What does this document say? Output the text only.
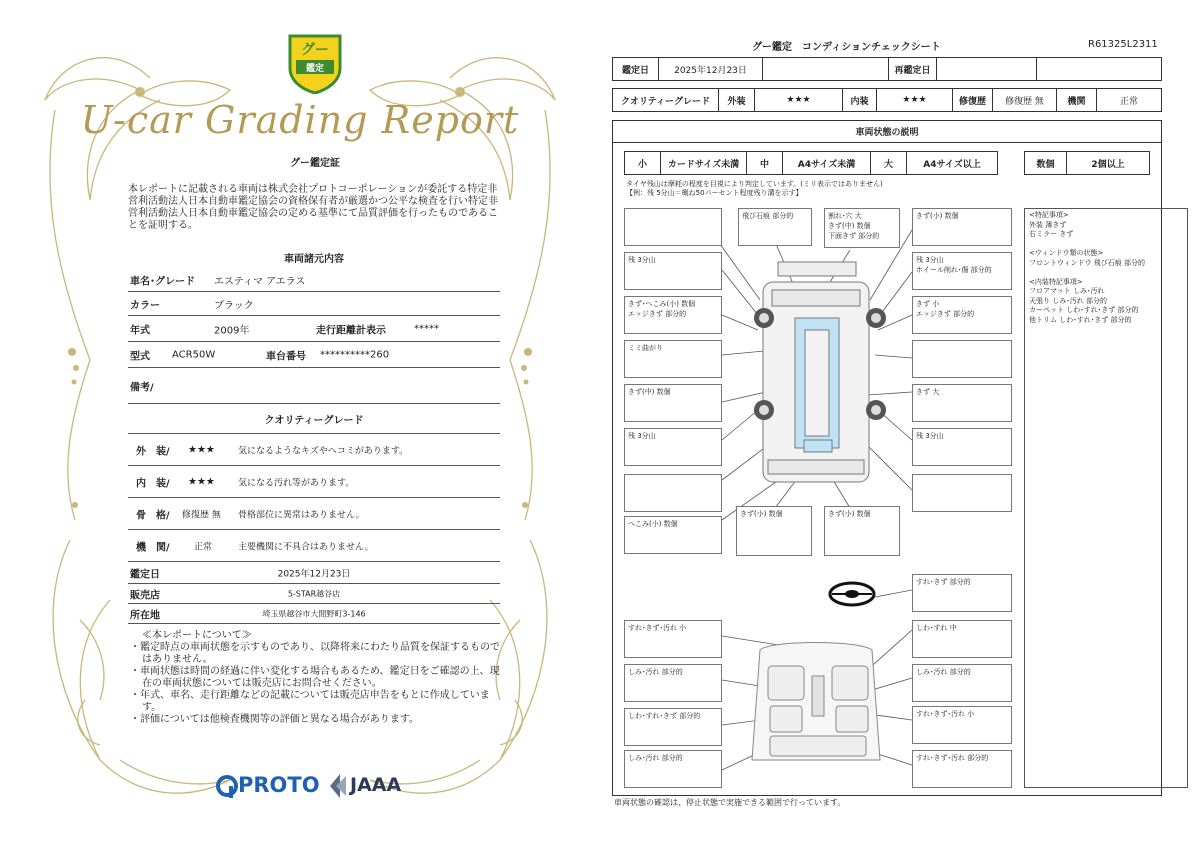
グー
鑑定
U-car Grading Report
グー鑑定証
本レポートに記載される車両は株式会社プロトコーポレーションが委託する特定非営利活動法人日本自動車鑑定協会の資格保有者が厳選かつ公平な検査を行い特定非営利活動法人日本自動車鑑定協会の定める基準にて品質評価を行ったものであることを証明する。
車両諸元内容
車名･グレード エスティマ アエラス
カラー	ブラック
年式	2009年	走行距離計表示	*****
型式 ACR50W	車台番号 **********260
備考/
クオリティーグレード
外　装/ ★★★	気になるようなキズやヘコミがあります。
内　装/ ★★★	気になる汚れ等があります。
骨　格/ 修復歴 無 骨格部位に異常はありません。
機　関/	正常	主要機関に不具合はありません。
鑑定日	2025年12月23日
販売店	5-STAR越谷店
所在地	埼玉県越谷市大間野町3-146
≪本レポートについて≫
・鑑定時点の車両状態を示すものであり、以降将来にわたり品質を保証するものではありません。
・車両状態は時間の経過に伴い変化する場合もあるため、鑑定日をご確認の上、現在の車両状態については販売店にお問合せください。
・年式、車名、走行距離などの記載については販売店申告をもとに作成しています。
・評価については他検査機関等の評価と異なる場合があります。
PROTO JAAA
グー鑑定　コンディションチェックシート	R61325L2311
鑑定日	2025年12月23日	再鑑定日
クオリティーグレード	外装	★★★	内装	★★★	修復歴	修復歴 無	機関	正常
車両状態の説明
小	カードサイズ未満	中	A4サイズ未満	大	A4サイズ以上	数個	2個以上
タイヤ残山は摩耗の程度を目視により判定しています。(ミリ表示ではありません)
【例：残 5分山＝概ね50パーセント程度残り溝を示す】
飛び石痕 部分的	割れ･穴 大
きず(中) 数個
下面きず 部分的
きず(小) 数個
残 3分山	残 3分山
ホイール削れ･傷 部分的
きず･へこみ(小) 数個
エッジきず 部分的
きず 小
エッジきず 部分的
ミミ曲がり
きず(中) 数個	きず 大
残 3分山	残 3分山
へこみ(小) 数個
きず(小) 数個	きず(小) 数個
すれ･きず 部分的
すれ･きず･汚れ 小	しわ･すれ 中
しみ･汚れ 部分的	しみ･汚れ 部分的
しわ･すれ･きず 部分的	すれ･きず･汚れ 小
しみ･汚れ 部分的	すれ･きず･汚れ 部分的
<特記事項>
外装 薄きず
右ミラー きず

<ウィンドウ類の状態>
フロントウィンドウ 飛び石痕 部分的

<内装特記事項>
フロアマット しみ･汚れ
天張り しみ･汚れ 部分的
カーペット しわ･すれ･きず 部分的
他トリム しわ･すれ･きず 部分的
車両状態の確認は、停止状態で実施できる範囲で行っています。
